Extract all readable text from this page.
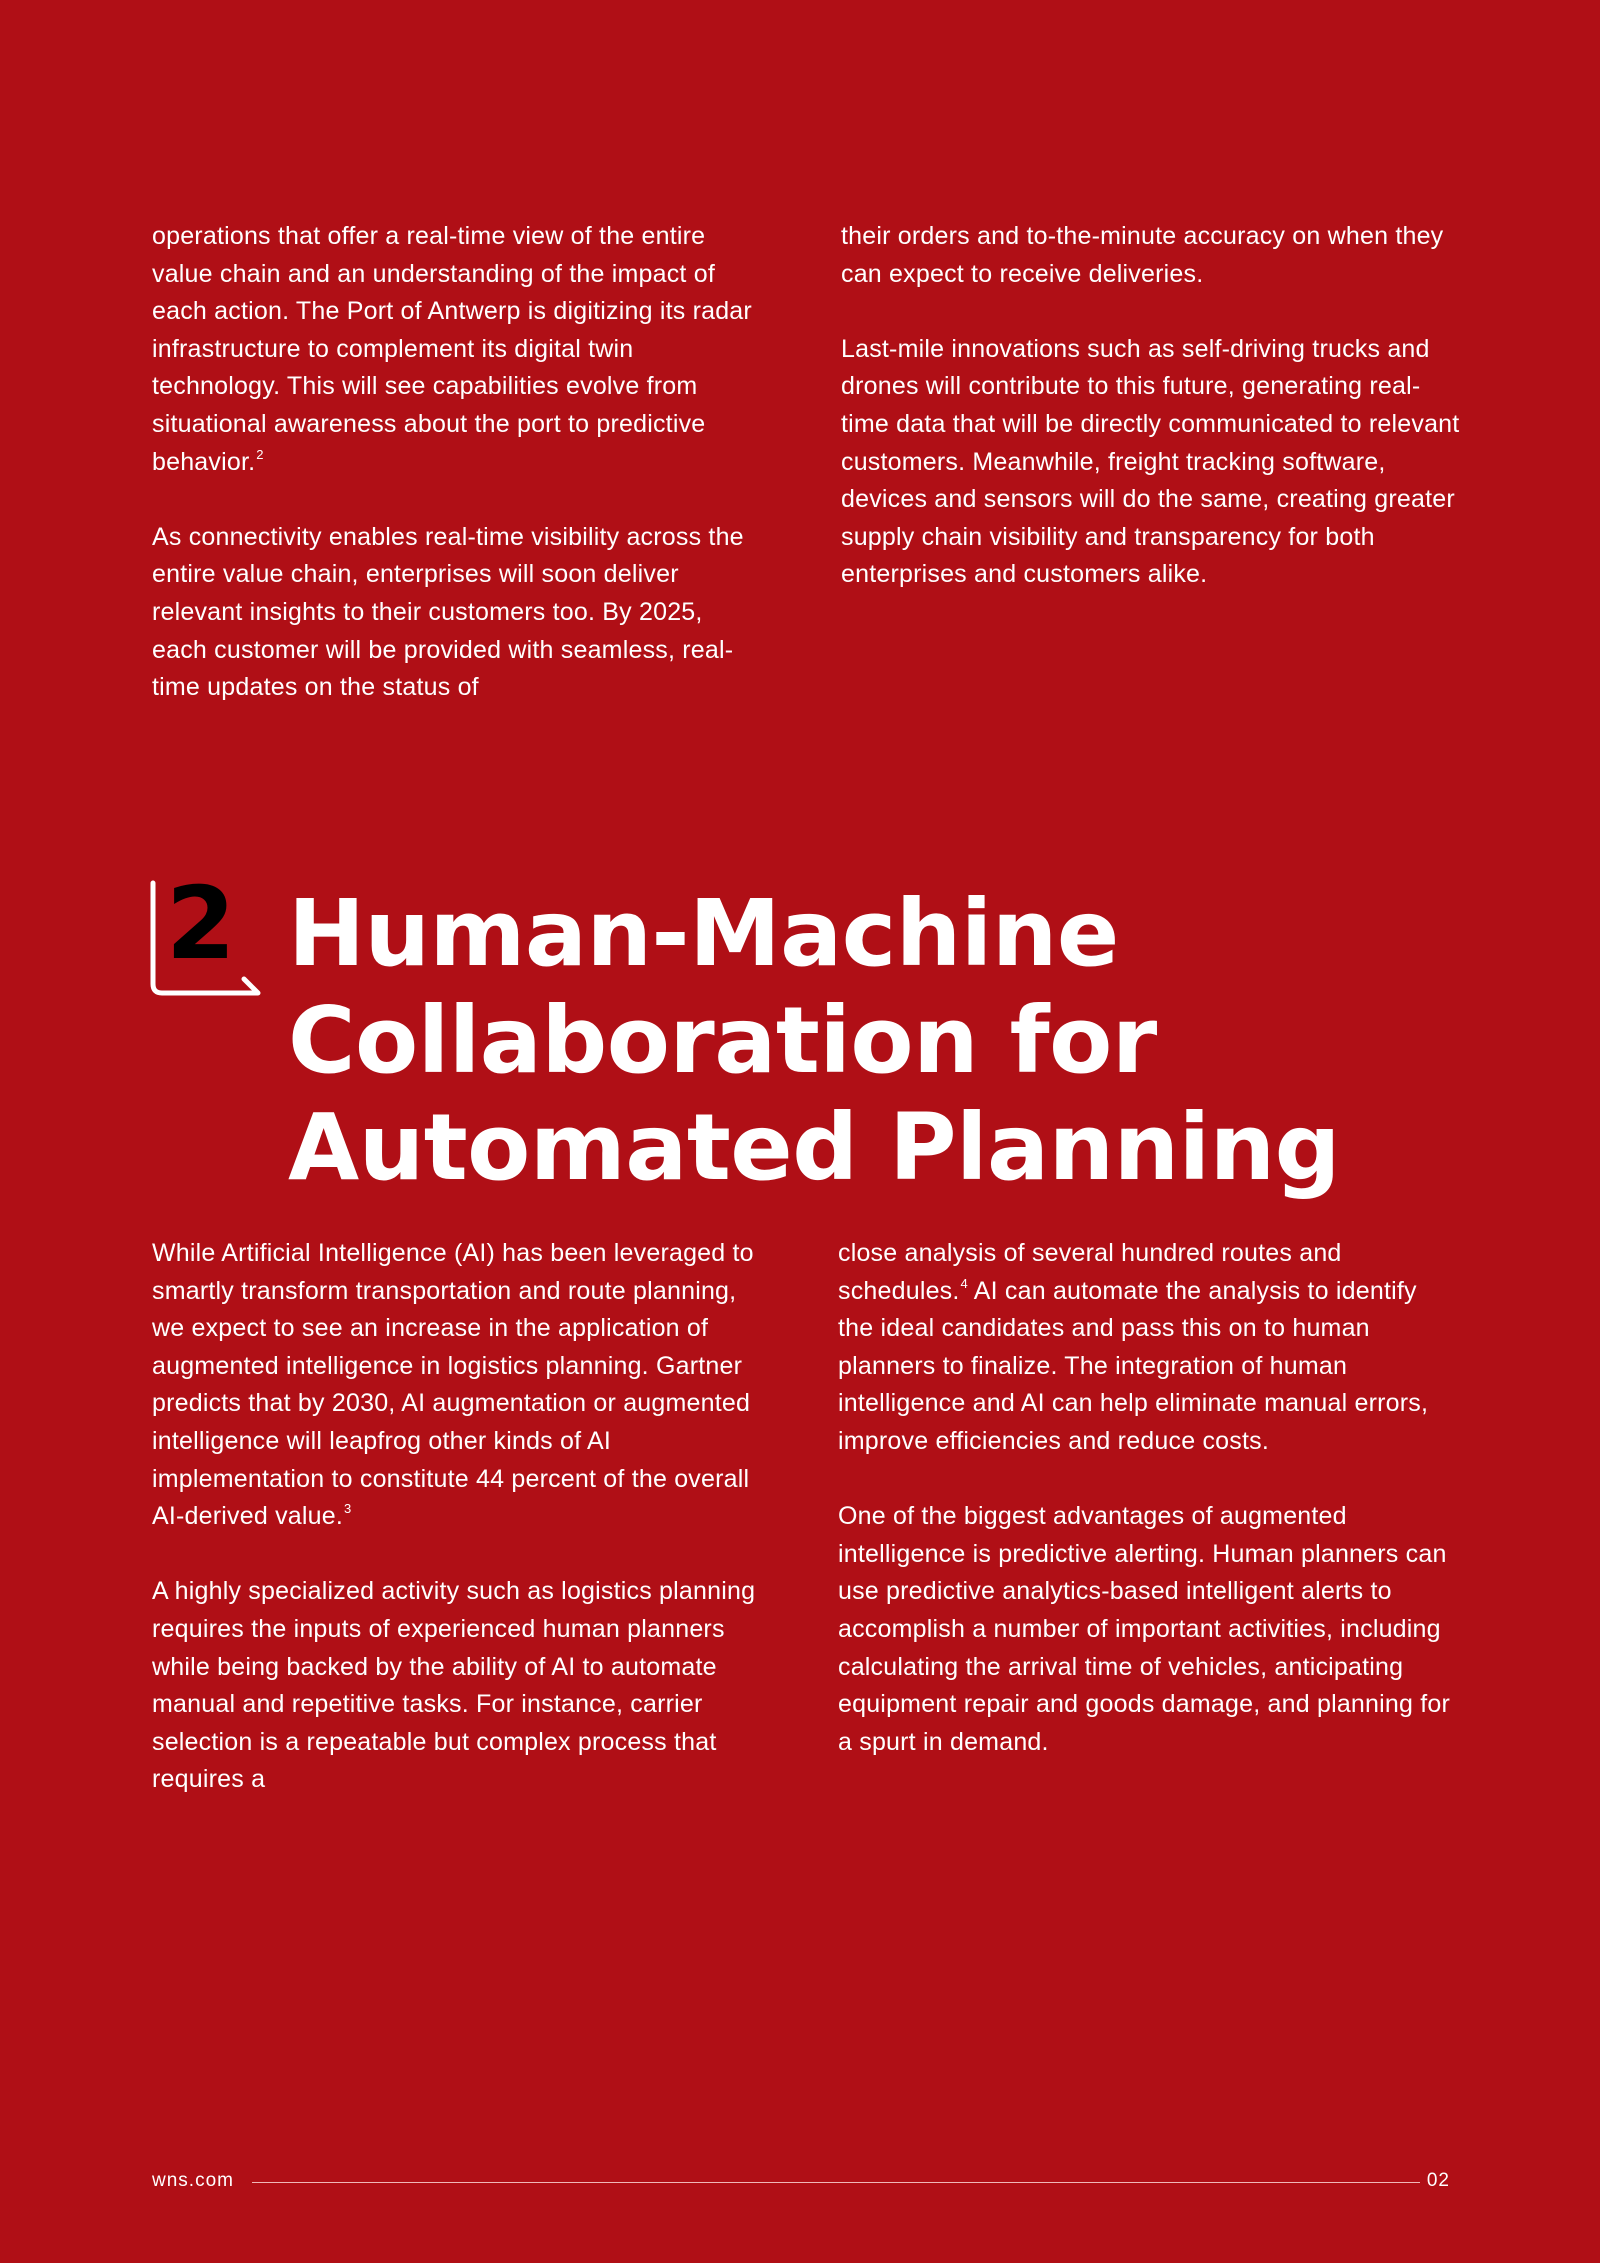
operations that offer a real-time view of the entire value chain and an understanding of the impact of each action. The Port of Antwerp is digitizing its radar infrastructure to complement its digital twin technology. This will see capabilities evolve from situational awareness about the port to predictive behavior.$^2$

As connectivity enables real-time visibility across the entire value chain, enterprises will soon deliver relevant insights to their customers too. By 2025, each customer will be provided with seamless, real-time updates on the status of

their orders and to-the-minute accuracy on when they can expect to receive deliveries.

Last-mile innovations such as self-driving trucks and drones will contribute to this future, generating real-time data that will be directly communicated to relevant customers. Meanwhile, freight tracking software, devices and sensors will do the same, creating greater supply chain visibility and transparency for both enterprises and customers alike.

2 Human-Machine
Collaboration for
Automated Planning

While Artificial Intelligence (AI) has been leveraged to smartly transform transportation and route planning, we expect to see an increase in the application of augmented intelligence in logistics planning. Gartner predicts that by 2030, AI augmentation or augmented intelligence will leapfrog other kinds of AI implementation to constitute 44 percent of the overall AI-derived value.$^3$

A highly specialized activity such as logistics planning requires the inputs of experienced human planners while being backed by the ability of AI to automate manual and repetitive tasks. For instance, carrier selection is a repeatable but complex process that requires a

close analysis of several hundred routes and schedules.$^4$ AI can automate the analysis to identify the ideal candidates and pass this on to human planners to finalize. The integration of human intelligence and AI can help eliminate manual errors, improve efficiencies and reduce costs.

One of the biggest advantages of augmented intelligence is predictive alerting. Human planners can use predictive analytics-based intelligent alerts to accomplish a number of important activities, including calculating the arrival time of vehicles, anticipating equipment repair and goods damage, and planning for a spurt in demand.

wns.com	02
